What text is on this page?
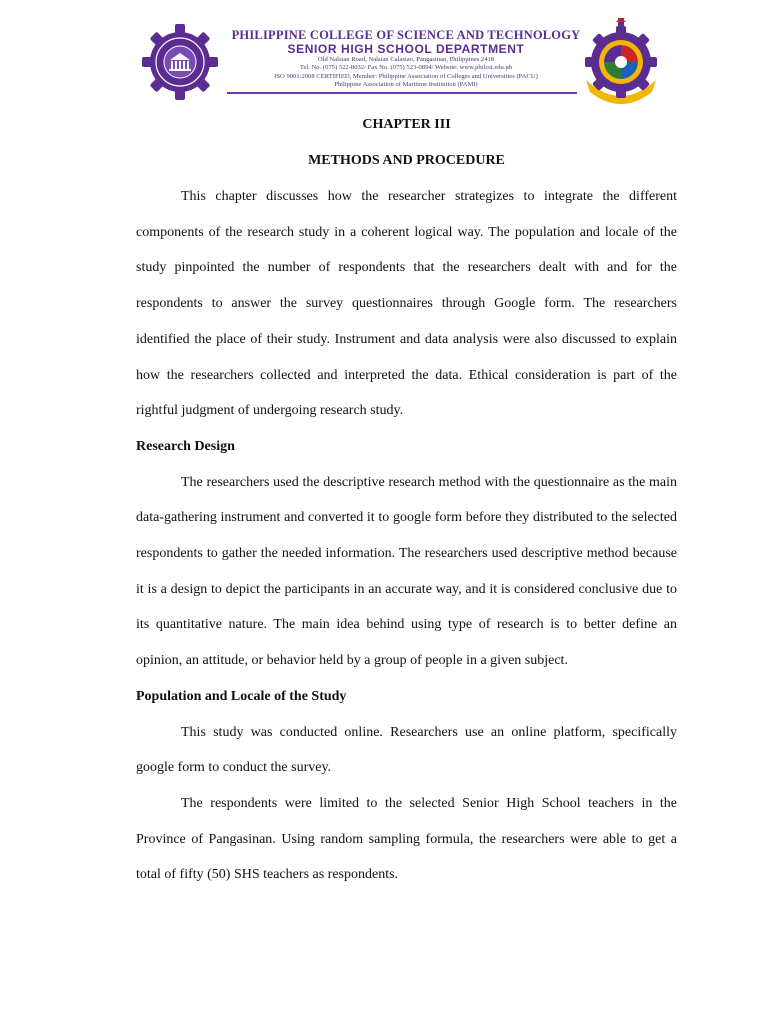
PHILIPPINE COLLEGE OF SCIENCE AND TECHNOLOGY
SENIOR HIGH SCHOOL DEPARTMENT
Old Nalsian Road, Nalsian Calasiao, Pangasinan, Philippines 2418
Tel. No. (075) 522-8032/ Fax No. (075) 523-0894/ Website: www.philcst.edu.ph
ISO 9001:2008 CERTIFIED, Member: Philippine Association of Colleges and Universities (PACU)
Philippine Association of Maritime Institution (PAMI)
CHAPTER III
METHODS AND PROCEDURE

This chapter discusses how the researcher strategizes to integrate the different components of the research study in a coherent logical way. The population and locale of the study pinpointed the number of respondents that the researchers dealt with and for the respondents to answer the survey questionnaires through Google form. The researchers identified the place of their study. Instrument and data analysis were also discussed to explain how the researchers collected and interpreted the data. Ethical consideration is part of the rightful judgment of undergoing research study.

Research Design

The researchers used the descriptive research method with the questionnaire as the main data-gathering instrument and converted it to google form before they distributed to the selected respondents to gather the needed information. The researchers used descriptive method because it is a design to depict the participants in an accurate way, and it is considered conclusive due to its quantitative nature. The main idea behind using type of research is to better define an opinion, an attitude, or behavior held by a group of people in a given subject.

Population and Locale of the Study

This study was conducted online. Researchers use an online platform, specifically google form to conduct the survey.

The respondents were limited to the selected Senior High School teachers in the Province of Pangasinan. Using random sampling formula, the researchers were able to get a total of fifty (50) SHS teachers as respondents.
